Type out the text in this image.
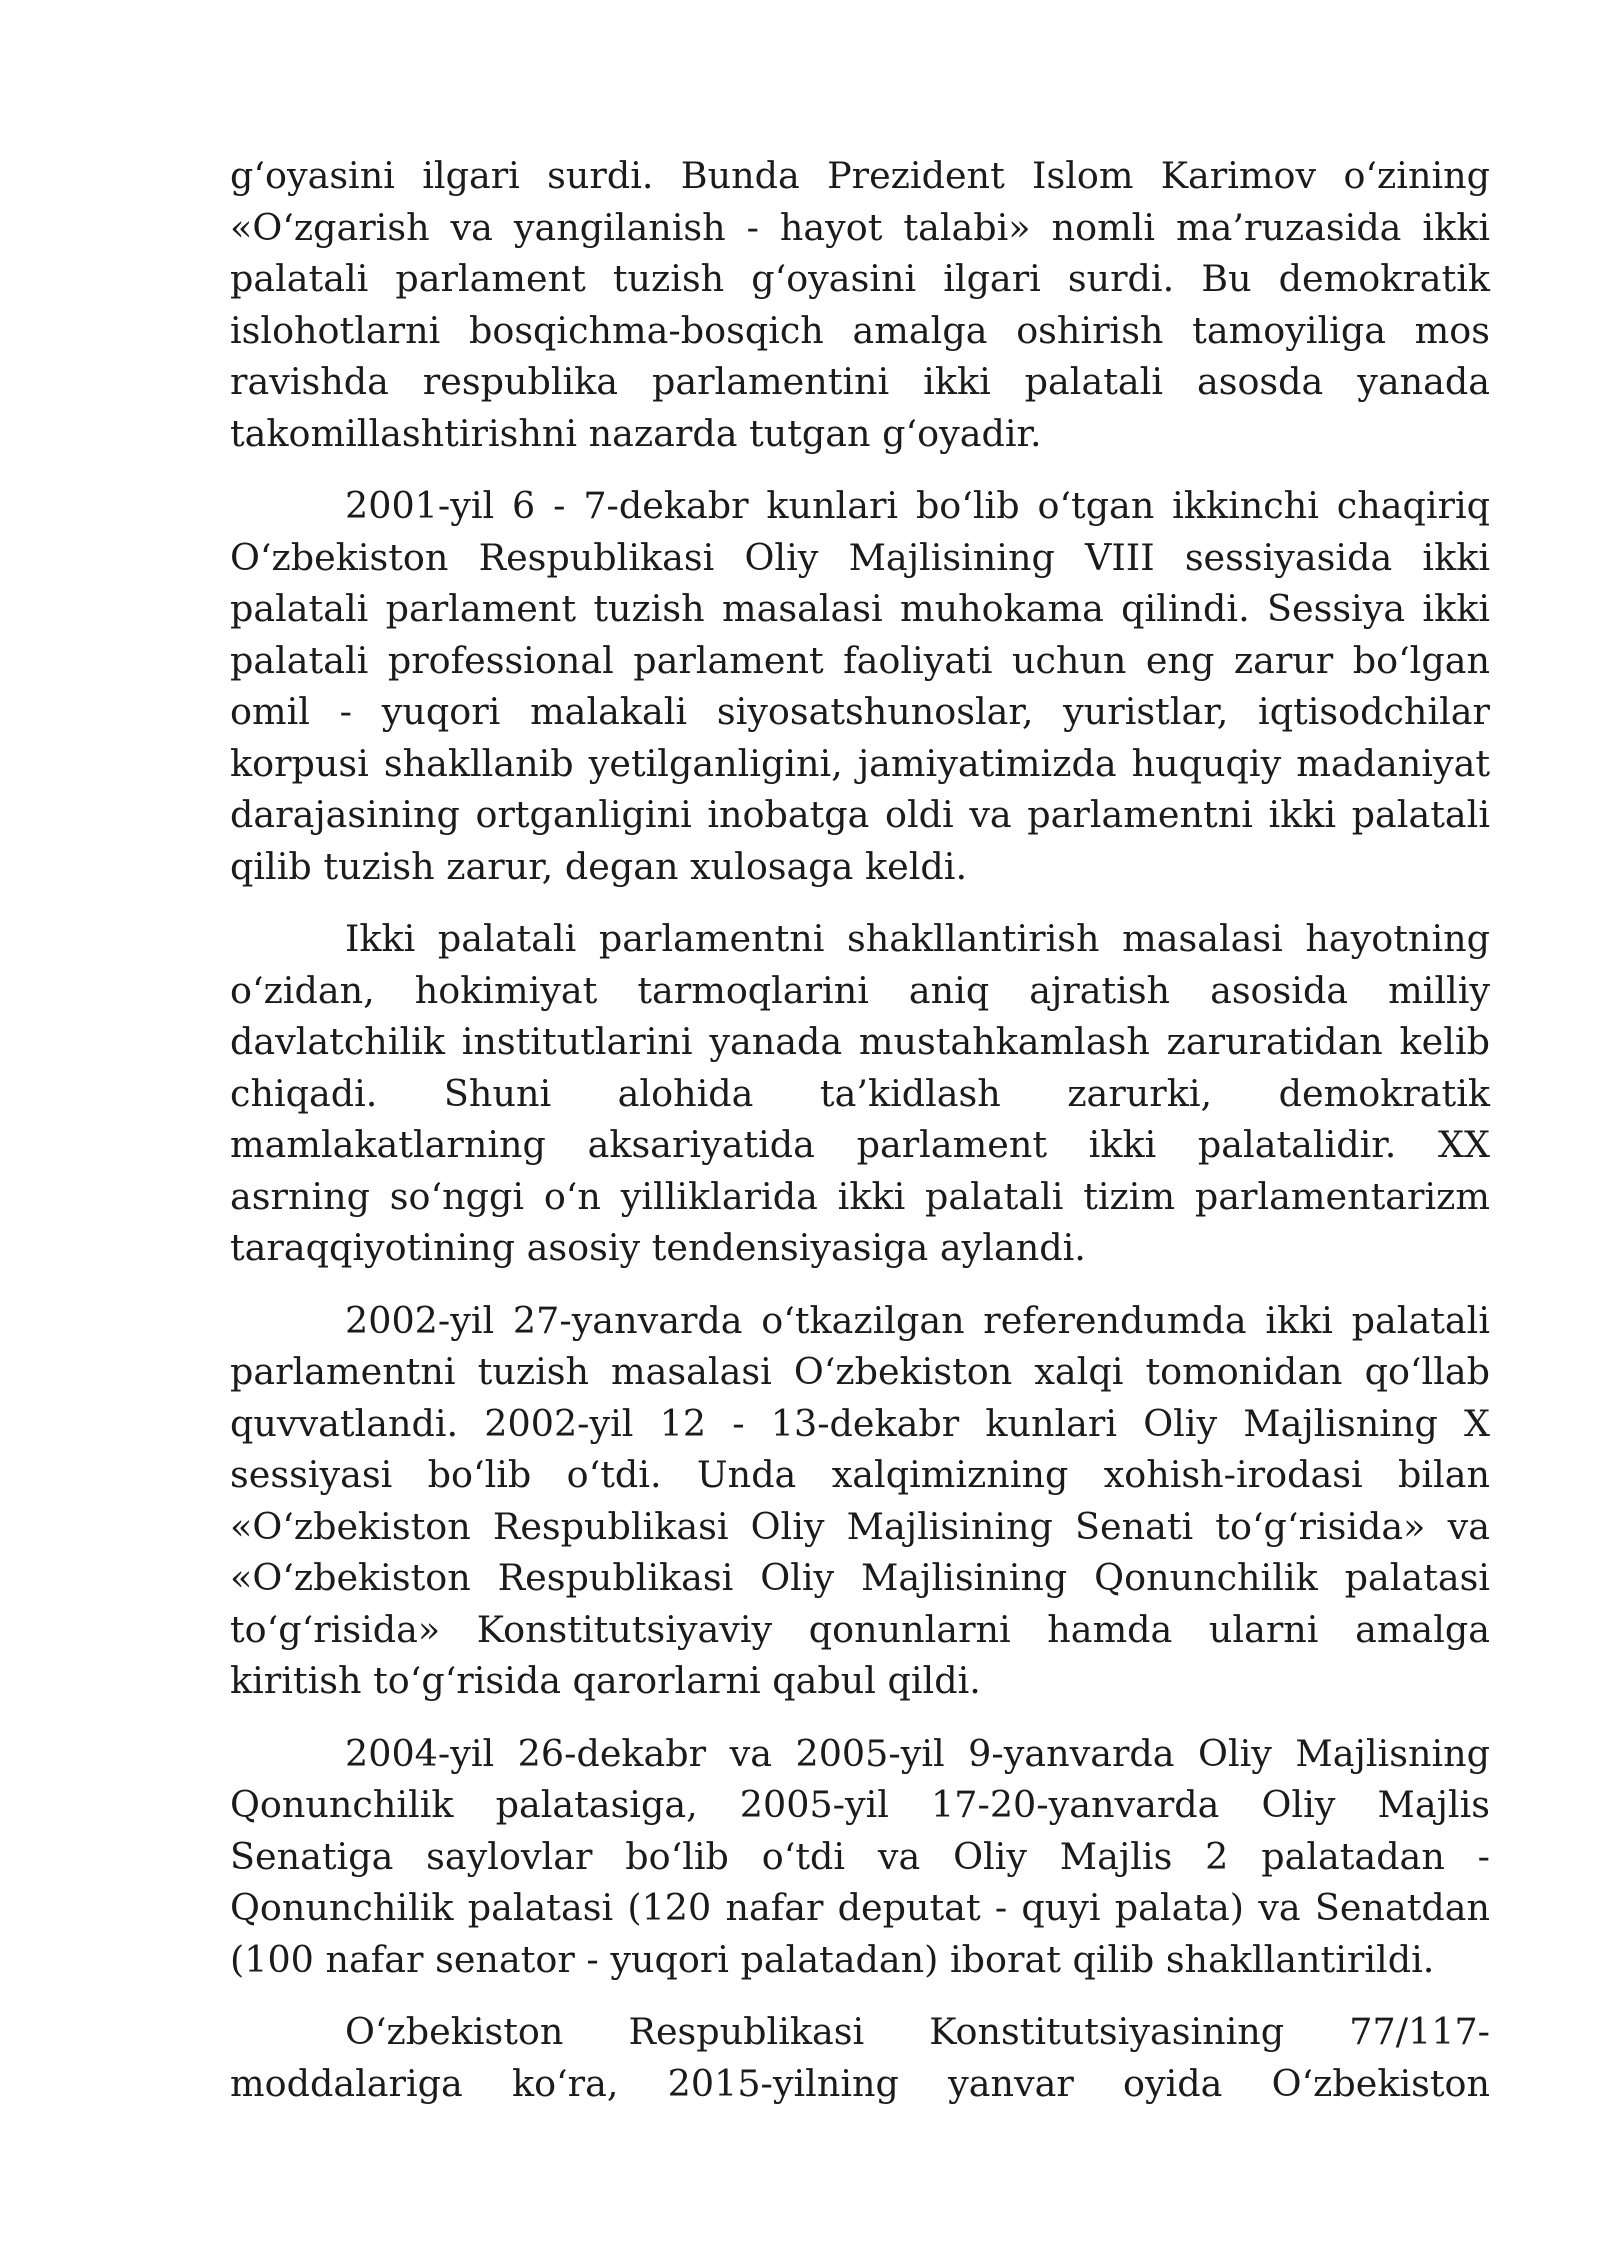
g‘oyasini ilgari surdi. Bunda Prezident Islom Karimov o‘zining «O‘zgarish va yangilanish - hayot talabi» nomli ma’ruzasida ikki palatali parlament tuzish g‘oyasini ilgari surdi. Bu demokratik islohotlarni bosqichma-bosqich amalga oshirish tamoyiliga mos ravishda respublika parlamentini ikki palatali asosda yanada takomillashtirishni nazarda tutgan g‘oyadir.

2001-yil 6 - 7-dekabr kunlari bo‘lib o‘tgan ikkinchi chaqiriq O‘zbekiston Respublikasi Oliy Majlisining VIII sessiyasida ikki palatali parlament tuzish masalasi muhokama qilindi. Sessiya ikki palatali professional parlament faoliyati uchun eng zarur bo‘lgan omil - yuqori malakali siyosatshunoslar, yuristlar, iqtisodchilar korpusi shakllanib yetilganligini, jamiyatimizda huquqiy madaniyat darajasining ortganligini inobatga oldi va parlamentni ikki palatali qilib tuzish zarur, degan xulosaga keldi.

Ikki palatali parlamentni shakllantirish masalasi hayotning o‘zidan, hokimiyat tarmoqlarini aniq ajratish asosida milliy davlatchilik institutlarini yanada mustahkamlash zaruratidan kelib chiqadi. Shuni alohida ta’kidlash zarurki, demokratik mamlakatlarning aksariyatida parlament ikki palatalidir. XX asrning so‘nggi o‘n yilliklarida ikki palatali tizim parlamentarizm taraqqiyotining asosiy tendensiyasiga aylandi.

2002-yil 27-yanvarda o‘tkazilgan referendumda ikki palatali parlamentni tuzish masalasi O‘zbekiston xalqi tomonidan qo‘llab quvvatlandi. 2002-yil 12 - 13-dekabr kunlari Oliy Majlisning X sessiyasi bo‘lib o‘tdi. Unda xalqimizning xohish-irodasi bilan «O‘zbekiston Respublikasi Oliy Majlisining Senati to‘g‘risida» va «O‘zbekiston Respublikasi Oliy Majlisining Qonunchilik palatasi to‘g‘risida» Konstitutsiyaviy qonunlarni hamda ularni amalga kiritish to‘g‘risida qarorlarni qabul qildi.

2004-yil 26-dekabr va 2005-yil 9-yanvarda Oliy Majlisning Qonunchilik palatasiga, 2005-yil 17-20-yanvarda Oliy Majlis Senatiga saylovlar bo‘lib o‘tdi va Oliy Majlis 2 palatadan - Qonunchilik palatasi (120 nafar deputat - quyi palata) va Senatdan (100 nafar senator - yuqori palatadan) iborat qilib shakllantirildi.

O‘zbekiston Respublikasi Konstitutsiyasining 77/117-moddalariga ko‘ra, 2015-yilning yanvar oyida O‘zbekiston
